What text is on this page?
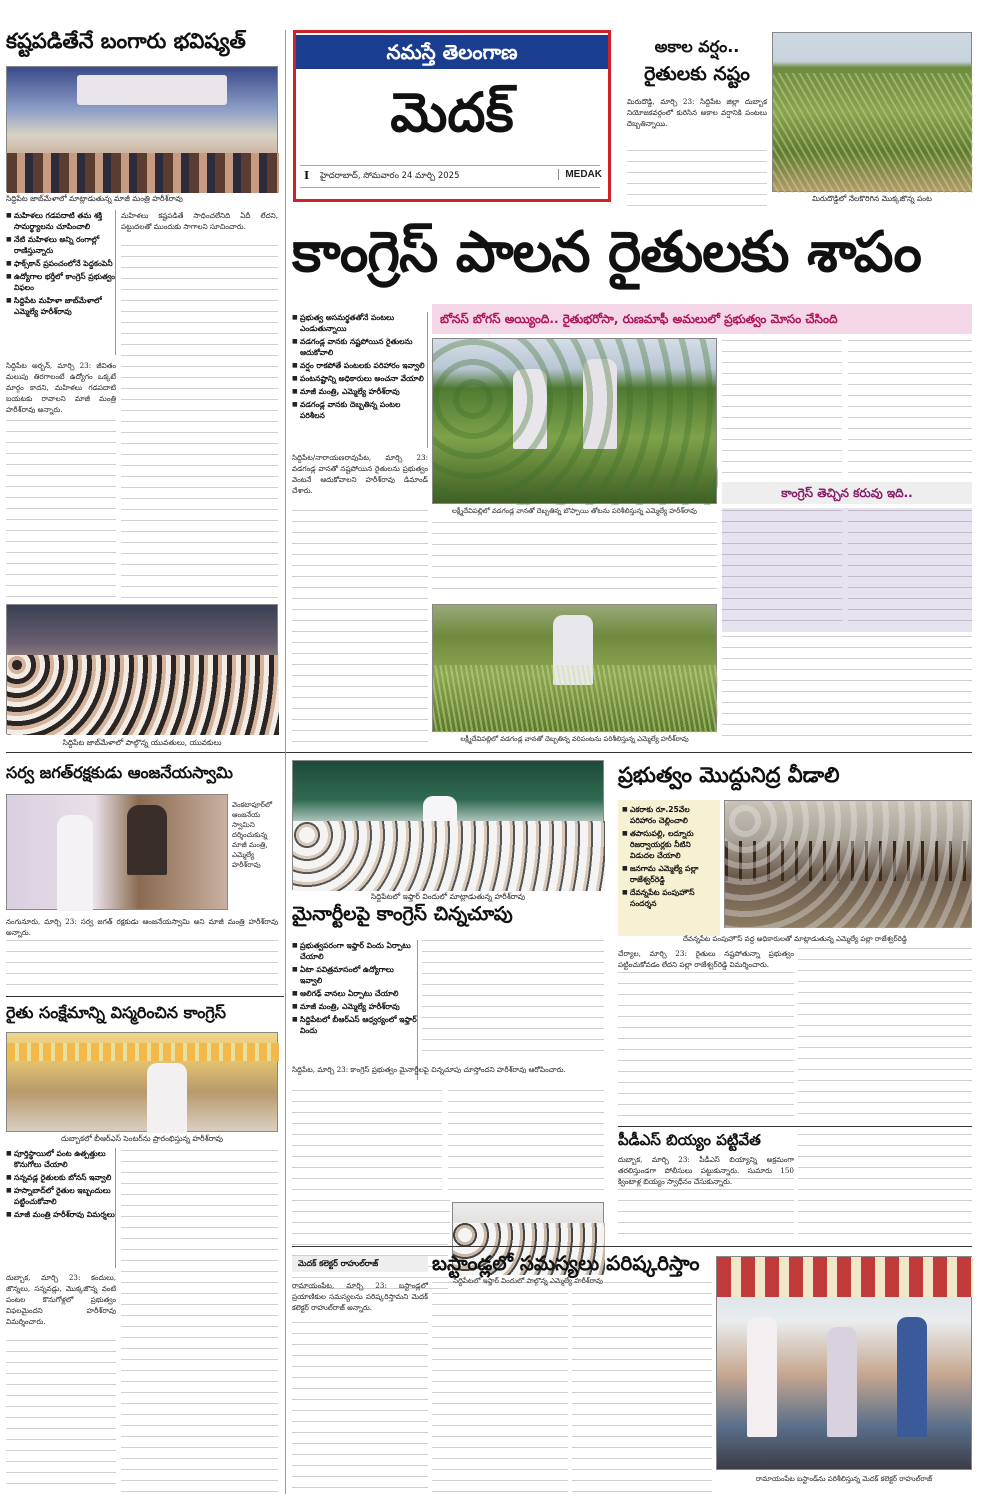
కష్టపడితేనే బంగారు భవిష్యత్
సిద్దిపేట జాబ్‌మేళాలో మాట్లాడుతున్న మాజీ మంత్రి హరీశ్‌రావు
■ మహిళలు గడపదాటి తమ శక్తి సామర్థ్యాలను చూపించాలి
■ నేటి మహిళలు అన్ని రంగాల్లో రాణిస్తున్నారు
■ ఫాక్స్‌కాన్ ప్రపంచంలోనే పెద్దకంపెనీ
■ ఉద్యోగాల భర్తీలో కాంగ్రెస్ ప్రభుత్వం విఫలం
■ సిద్దిపేట మహిళా జాబ్‌మేళాలో ఎమ్మెల్యే హరీశ్‌రావు
సిద్దిపేట అర్బన్, మార్చి 23: జీవితం మలుపు తిరగాలంటే ఉద్యోగం ఒక్కటే మార్గం కాదని, మహిళలు గడపదాటి బయటకు రావాలని మాజీ మంత్రి హరీశ్‌రావు అన్నారు.
మహిళలు కష్టపడితే సాధించలేనిది ఏదీ లేదని, పట్టుదలతో ముందుకు సాగాలని సూచించారు.
సిద్దిపేట జాబ్‌మేళాలో పాల్గొన్న యువతులు, యువకులు
నమస్తే తెలంగాణ
మెదక్
I హైదరాబాద్, సోమవారం 24 మార్చి 2025	MEDAK
అకాల వర్షం..
రైతులకు నష్టం
మిరుదొడ్డి, మార్చి 23: సిద్దిపేట జిల్లా దుబ్బాక నియోజకవర్గంలో కురిసిన అకాల వర్షానికి పంటలు దెబ్బతిన్నాయి.
మిరుదొడ్డిలో నేలకొరిగిన మొక్కజొన్న పంట
కాంగ్రెస్ పాలన రైతులకు శాపం
బోనస్ బోగస్ అయ్యింది.. రైతుభరోసా, రుణమాఫీ అమలులో ప్రభుత్వం మోసం చేసింది
■ ప్రభుత్వ అసమర్థతతోనే పంటలు ఎండుతున్నాయి
■ వడగండ్ల వానకు నష్టపోయిన రైతులను ఆదుకోవాలి
■ వర్షం రాకపోతే పంటలకు పరిహారం ఇవ్వాలి
■ పంటనష్టాన్ని అధికారులు అంచనా వేయాలి
■ మాజీ మంత్రి, ఎమ్మెల్యే హరీశ్‌రావు
■ వడగండ్ల వానకు దెబ్బతిన్న పంటల పరిశీలన
సిద్దిపేట/నారాయణరావుపేట, మార్చి 23: వడగండ్ల వానతో నష్టపోయిన రైతులను ప్రభుత్వం వెంటనే ఆదుకోవాలని హరీశ్‌రావు డిమాండ్ చేశారు.
లక్ష్మీదేవిపల్లిలో వడగండ్ల వానతో దెబ్బతిన్న బొప్పాయి తోటను పరిశీలిస్తున్న ఎమ్మెల్యే హరీశ్‌రావు
లక్ష్మీదేవిపల్లిలో వడగండ్ల వానతో దెబ్బతిన్న వరిపంటను పరిశీలిస్తున్న ఎమ్మెల్యే హరీశ్‌రావు
కాంగ్రెస్ తెచ్చిన కరువు ఇది..
సర్వ జగత్‌రక్షకుడు ఆంజనేయస్వామి
వెంకటాపూర్‌లో ఆంజనేయ స్వామిని దర్శించుకున్న మాజీ మంత్రి, ఎమ్మెల్యే హరీశ్‌రావు
నంగునూరు, మార్చి 23: సర్వ జగత్ రక్షకుడు ఆంజనేయస్వామి అని మాజీ మంత్రి హరీశ్‌రావు అన్నారు.
రైతు సంక్షేమాన్ని విస్మరించిన కాంగ్రెస్
దుబ్బాకలో బీఆర్ఎస్ సెంటర్‌ను ప్రారంభిస్తున్న హరీశ్‌రావు
■ పూర్తిస్థాయిలో పంట ఉత్పత్తులు కొనుగోలు చేయాలి
■ సన్నవడ్ల రైతులకు బోనస్ ఇవ్వాలి
■ హస్నాబాద్‌లో రైతుల ఇబ్బందులు పట్టించుకోవాలి
■ మాజీ మంత్రి హరీశ్‌రావు విమర్శలు
దుబ్బాక, మార్చి 23: కందులు, జొన్నలు, సన్నవడ్లు, మొక్కజొన్న వంటి పంటల కొనుగోళ్లలో ప్రభుత్వం విఫలమైందని హరీశ్‌రావు విమర్శించారు.
సిద్దిపేటలో ఇఫ్తార్ విందులో మాట్లాడుతున్న హరీశ్‌రావు
మైనార్టీలపై కాంగ్రెస్ చిన్నచూపు
■ ప్రభుత్వపరంగా ఇఫ్తార్ విందు ఏర్పాటు చేయాలి
■ ఏటా పవిత్రమాసంలో ఉద్యోగాలు ఇవ్వాలి
■ ఆలిగఢ్ వానలు ఏర్పాటు చేయాలి
■ మాజీ మంత్రి, ఎమ్మెల్యే హరీశ్‌రావు
■ సిద్దిపేటలో బీఆర్ఎస్ ఆధ్వర్యంలో ఇఫ్తార్ విందు
సిద్దిపేట, మార్చి 23: కాంగ్రెస్ ప్రభుత్వం మైనార్టీలపై చిన్నచూపు చూస్తోందని హరీశ్‌రావు ఆరోపించారు.
సిద్దిపేటలో ఇఫ్తార్ విందులో పాల్గొన్న ఎమ్మెల్యే హరీశ్‌రావు
ప్రభుత్వం మొద్దునిద్ర వీడాలి
■ ఎకరాకు రూ.25వేల పరిహారం చెల్లించాలి
■ తపాసుపల్లి, లద్నూరు రిజర్వాయర్లకు నీటిని విడుదల చేయాలి
■ జనగామ ఎమ్మెల్యే పల్లా రాజేశ్వర్‌రెడ్డి
■ దేవన్నపేట పంపుహౌస్ సందర్శన
దేవన్నపేట పంపుహౌస్ వద్ద అధికారులతో మాట్లాడుతున్న ఎమ్మెల్యే పల్లా రాజేశ్వర్‌రెడ్డి
చేర్యాల, మార్చి 23: రైతులు నష్టపోతున్నా ప్రభుత్వం పట్టించుకోవడం లేదని పల్లా రాజేశ్వర్‌రెడ్డి విమర్శించారు.
పీడీఎస్ బియ్యం పట్టివేత
దుబ్బాక, మార్చి 23: పీడీఎస్ బియ్యాన్ని అక్రమంగా తరలిస్తుండగా పోలీసులు పట్టుకున్నారు. సుమారు 150 క్వింటాళ్ల బియ్యం స్వాధీనం చేసుకున్నారు.
మెదక్ కలెక్టర్ రాహుల్‌రాజ్	బస్టాండ్లలో సమస్యలు పరిష్కరిస్తాం
రామాయంపేట, మార్చి 23: బస్టాండ్లలో ప్రయాణికుల సమస్యలను పరిష్కరిస్తామని మెదక్ కలెక్టర్ రాహుల్‌రాజ్ అన్నారు.
రామాయంపేట బస్టాండ్‌ను పరిశీలిస్తున్న మెదక్ కలెక్టర్ రాహుల్‌రాజ్
